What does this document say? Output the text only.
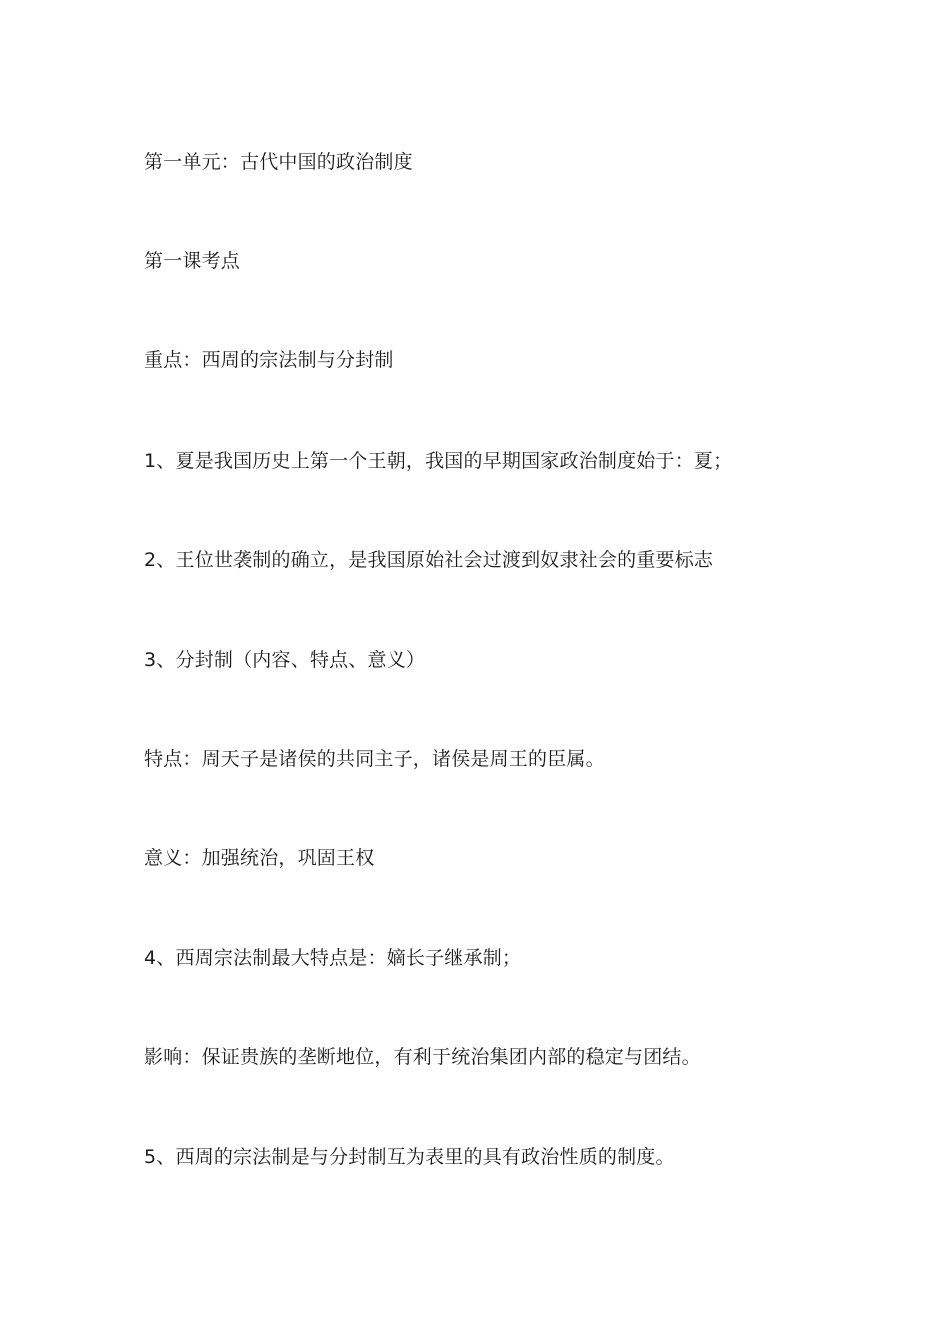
第一单元：古代中国的政治制度
第一课考点
重点：西周的宗法制与分封制
1、夏是我国历史上第一个王朝，我国的早期国家政治制度始于：夏；
2、王位世袭制的确立，是我国原始社会过渡到奴隶社会的重要标志
3、分封制（内容、特点、意义）
特点：周天子是诸侯的共同主子，诸侯是周王的臣属。
意义：加强统治，巩固王权
4、西周宗法制最大特点是：嫡长子继承制；
影响：保证贵族的垄断地位，有利于统治集团内部的稳定与团结。
5、西周的宗法制是与分封制互为表里的具有政治性质的制度。
